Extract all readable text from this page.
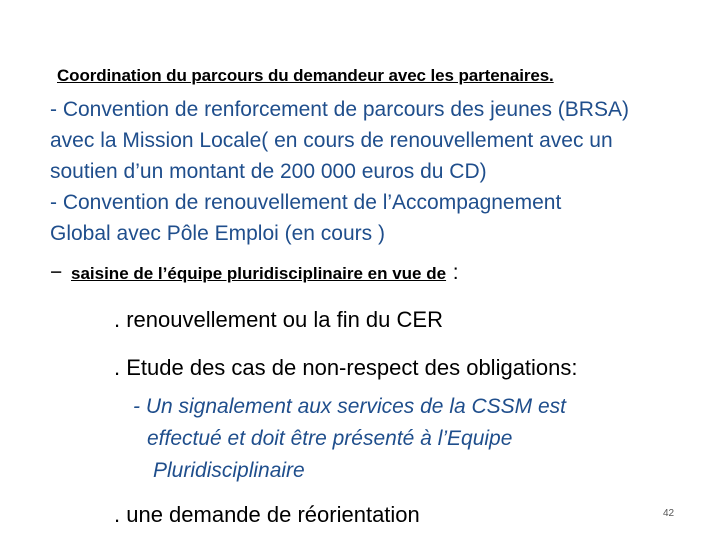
Coordination du parcours du demandeur avec les partenaires.
- Convention de renforcement de parcours des jeunes (BRSA)
avec la Mission Locale( en cours de renouvellement avec un
soutien d’un montant de 200 000 euros du CD)
- Convention de renouvellement de l’Accompagnement
Global avec Pôle Emploi (en cours )
− saisine de l’équipe pluridisciplinaire en vue de :
. renouvellement ou la fin du CER
. Etude des cas de non-respect des obligations:
- Un signalement aux services de la CSSM est
effectué et doit être présenté à l’Equipe
Pluridisciplinaire
. une demande de réorientation	42
